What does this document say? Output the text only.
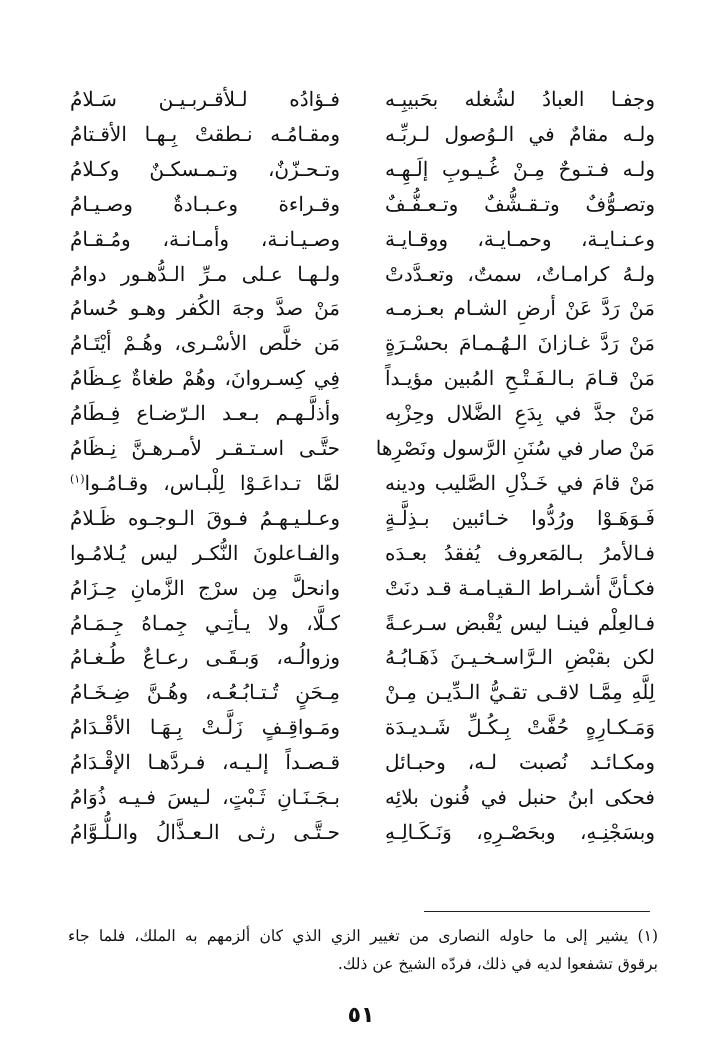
وجفـا العبادُ لشُغله بحَبيبِـه
فـؤادُه لـلأقـربـيـن سَـلامُ
ولـه مقامٌ في الـوُصول لـربِّـه
ومقـامُـه نـطقتْ بِـهـا الأقـتامُ
ولـه فـتـوحٌ مِـنْ غُـيـوبِ إلَـهِـه
وتـحـزّنٌ، وتـمـسكـنٌ وكـلامُ
وتصـوُّفٌ وتـقـشُّفٌ وتـعـفُّـفٌ
وقـراءة وعـبـادةٌ وصـيـامُ
وعـنـايـة، وحمـايـة، ووقـايـة
وصـيـانـة، وأمـانـة، ومُـقـامُ
ولـهُ كرامـاتٌ، سمتٌ، وتعـدَّدتْ
ولـهـا عـلى مـرِّ الـدُّهـور دوامُ
مَنْ رَدَّ عَنْ أرضِ الشـام بعـزمـه
مَنْ صدَّ وجهَ الكُفر وهـو حُسامُ
مَنْ رَدَّ غـازانَ الـهُـمـامَ بحسْـرَةٍ
مَن خلَّص الأسْـرى، وهُـمْ أيْتَـامُ
مَنْ قـامَ بـالـفَـتْـحِ المُبين مؤيـداً
فِي كِسـروانَ، وهُمْ طغاةٌ عِـظَامُ
مَنْ جدَّ في بِدَعِ الضَّلال وحِزْبِه
وأذلَّـهـم بـعـد الـرّضـاع فِـطَامُ
مَنْ صار في سُنَنِ الرَّسول ونَصْرِها
حتَّـى اسـتـقـر لأمـرهـنَّ نِـظَامُ
مَنْ قامَ في خَـذْلِ الصَّليب ودينه
لمَّا تـداعَـوْا لِلْبـاس، وقـامُـوا$^{(١)}$
فَـوَهَـوْا ورُدُّوا خـائبين بـذِلَّـةٍ
وعـلـيـهـمُ فـوقَ الـوجـوه ظَـلامُ
فـالأمرُ بـالمَعروف يُفقدُ بعـدَه
والفـاعلونَ النُّكـر ليس يُـلامُـوا
فكـأنَّ أشـراط الـقيـامـة قـد دنَتْ
وانحلَّ مِن سرْج الزَّمانِ حِـزَامُ
فـالعِلْم فينـا ليس يُقْبض سـرعـةً
كـلَّا، ولا يـأتِـي جِمـاهُ جِـمَـامُ
لكن بقبْضِ الـرَّاسـخـيـنَ ذَهَـابُـهُ
وزوالُـه، وَبـقَـى رعـاعٌ طُـغـامُ
لِلَّهِ مِمَّـا لاقـى تقـيُّ الـدِّيـن مِـنْ
مِـحَنٍ تُـتـابُـعُـه، وهُـنَّ ضِـخَـامُ
وَمَـكـارِهٍ حُفَّتْ بِـكُـلِّ شَـديـدَة
ومَـواقِـفٍ زَلَّـتْ بِـهَـا الأقْـدَامُ
ومكـائـد نُصبت لـه، وحبـائل
قـصـداً إلـيـه، فـردَّهـا الإقْـدَامُ
فحكى ابنُ حنبل في فُنون بلائِه
بـجَـنَـانِ ثَـبْتٍ، لـيسَ فـيـه ذُوَامُ
وبسَجْنِـهِ، وبحَصْـرِهِ، وَنَـكَـالِـهِ
حـتَّـى رثـى الـعـذَّالُ والـلُّـوَّامُ
(١) يشير إلى ما حاوله النصارى من تغيير الزي الذي كان ألزمهم به الملك، فلما جاء
برقوق تشفعوا لديه في ذلك، فردّه الشيخ عن ذلك.
٥١
